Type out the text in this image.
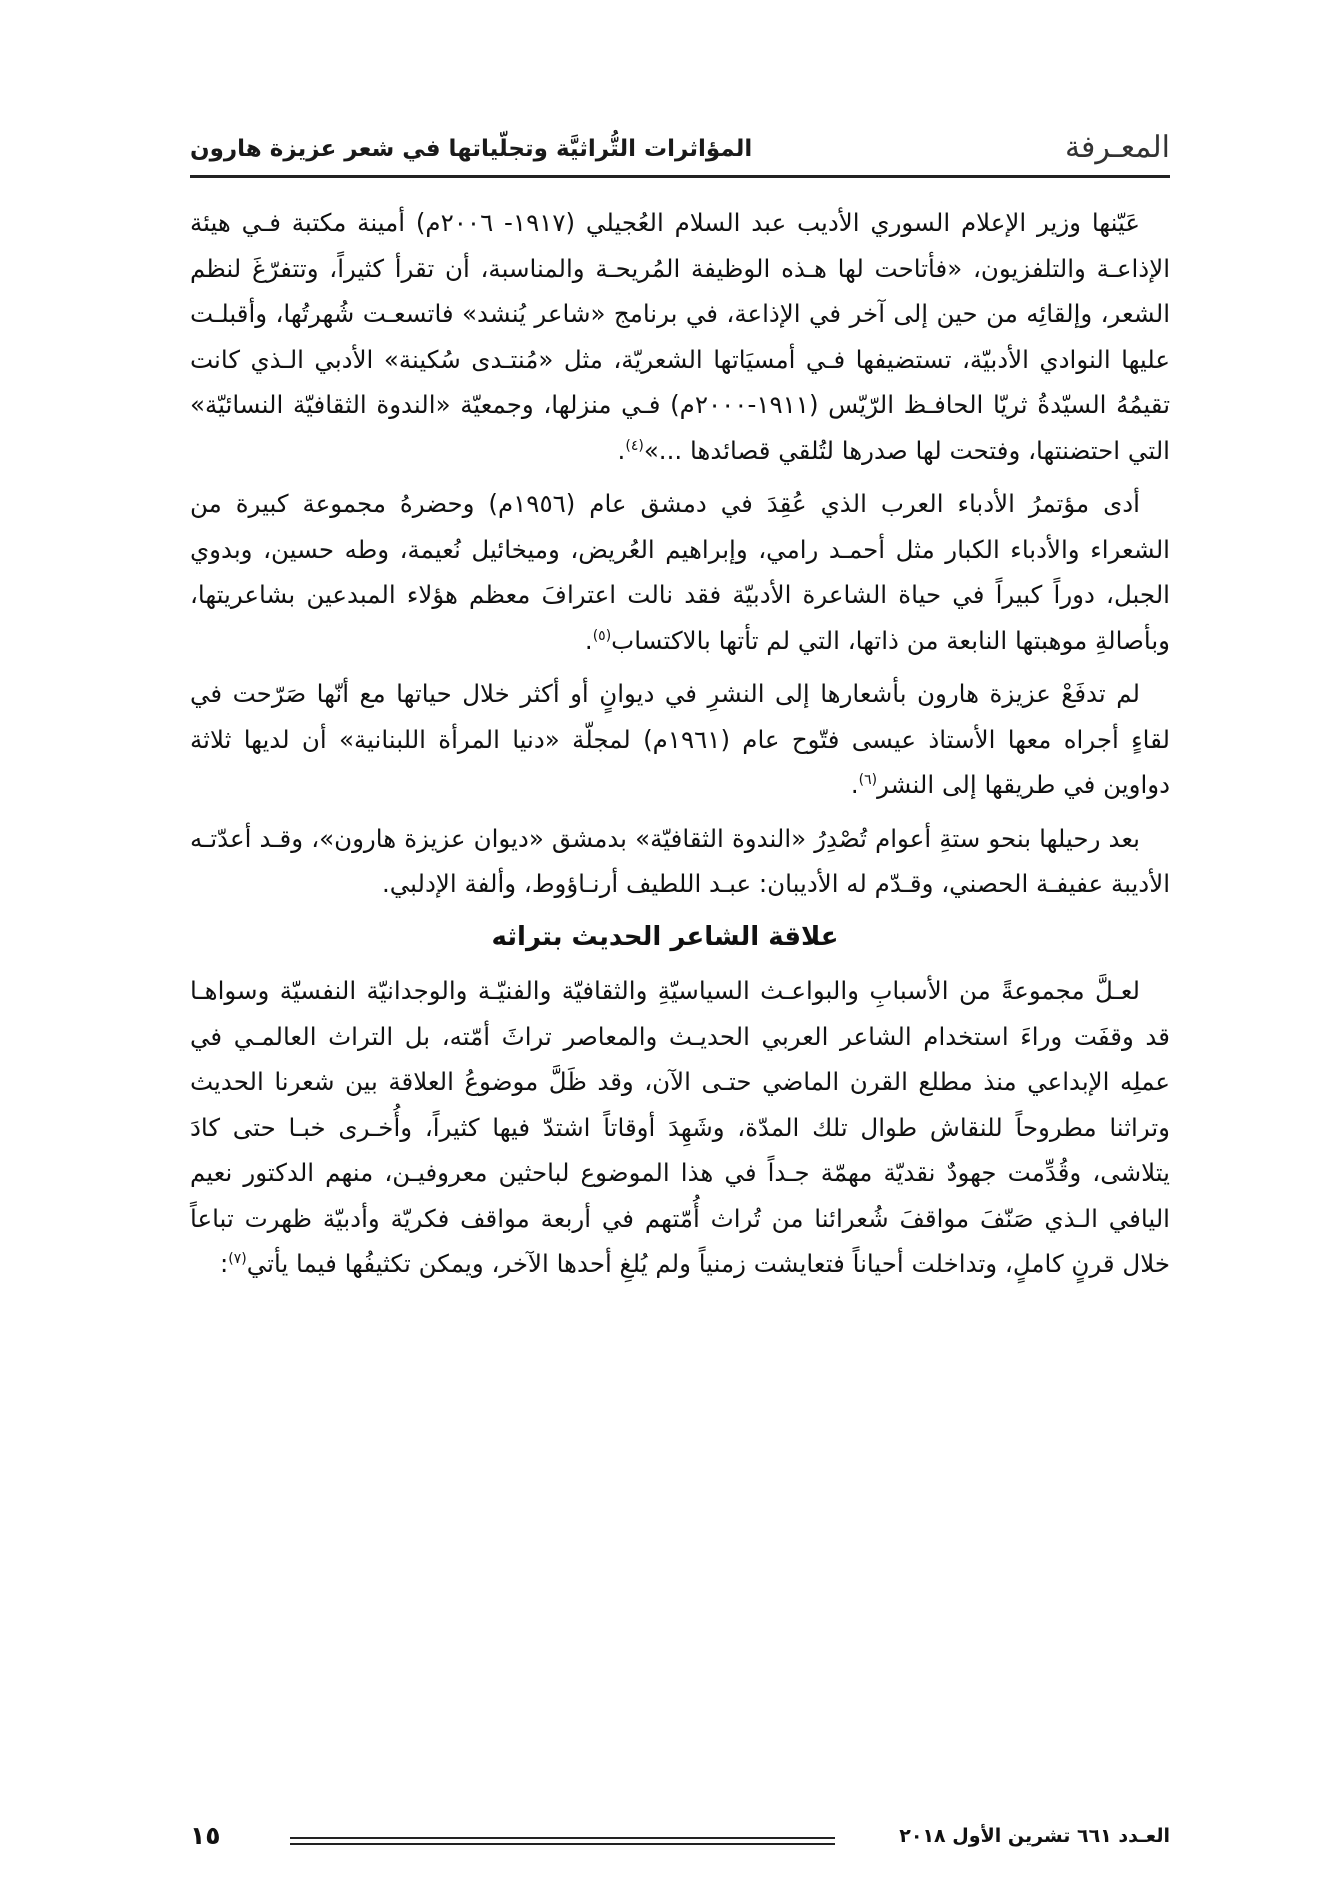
المعـرفة
المؤاثرات التُّراثيَّة وتجلّياتها في شعر عزيزة هارون

عَيّنها وزير الإعلام السوري الأديب عبد السلام العُجيلي (١٩١٧- ٢٠٠٦م) أمينة مكتبة فـي هيئة الإذاعـة والتلفزيون، «فأتاحت لها هـذه الوظيفة المُريحـة والمناسبة، أن تقرأ كثيراً، وتتفرّغَ لنظم الشعر، وإلقائِه من حين إلى آخر في الإذاعة، في برنامج «شاعر يُنشد» فاتسعـت شُهرتُها، وأقبلـت عليها النوادي الأدبيّة، تستضيفها فـي أمسيَاتها الشعريّة، مثل «مُنتـدى سُكينة» الأدبي الـذي كانت تقيمُهُ السيّدةُ ثريّا الحافـظ الرّيّس (١٩١١-٢٠٠٠م) فـي منزلها، وجمعيّة «الندوة الثقافيّة النسائيّة» التي احتضنتها، وفتحت لها صدرها لتُلقي قصائدها ...»$^{(٤)}$.

أدى مؤتمرُ الأدباء العرب الذي عُقِدَ في دمشق عام (١٩٥٦م) وحضرهُ مجموعة كبيرة من الشعراء والأدباء الكبار مثل أحمـد رامي، وإبراهيم العُريض، وميخائيل نُعيمة، وطه حسين، وبدوي الجبل، دوراً كبيراً في حياة الشاعرة الأدبيّة فقد نالت اعترافَ معظم هؤلاء المبدعين بشاعريتها، وبأصالةِ موهبتها النابعة من ذاتها، التي لم تأتها بالاكتساب$^{(٥)}$.

لم تدفَعْ عزيزة هارون بأشعارها إلى النشرِ في ديوانٍ أو أكثر خلال حياتها مع أنّها صَرّحت في لقاءٍ أجراه معها الأستاذ عيسى فتّوح عام (١٩٦١م) لمجلّة «دنيا المرأة اللبنانية» أن لديها ثلاثة دواوين في طريقها إلى النشر$^{(٦)}$.

بعد رحيلها بنحو ستةِ أعوام تُصْدِرُ «الندوة الثقافيّة» بدمشق «ديوان عزيزة هارون»، وقـد أعدّتـه الأديبة عفيفـة الحصني، وقـدّم له الأديبان: عبـد اللطيف أرنـاؤوط، وألفة الإدلبي.

علاقة الشاعر الحديث بتراثه

لعـلَّ مجموعةً من الأسبابِ والبواعـث السياسيّةِ والثقافيّة والفنيّـة والوجدانيّة النفسيّة وسواهـا قد وقفَت وراءَ استخدام الشاعر العربي الحديـث والمعاصر تراثَ أمّته، بل التراث العالمـي في عملِه الإبداعي منذ مطلع القرن الماضي حتـى الآن، وقد ظَلَّ موضوعُ العلاقة بين شعرنا الحديث وتراثنا مطروحاً للنقاش طوال تلك المدّة، وشَهِدَ أوقاتاً اشتدّ فيها كثيراً، وأُخـرى خبـا حتى كادَ يتلاشى، وقُدِّمت جهودٌ نقديّة مهمّة جـداً في هذا الموضوع لباحثين معروفيـن، منهم الدكتور نعيم اليافي الـذي صَنّفَ مواقفَ شُعرائنا من تُراث أُمّتهم في أربعة مواقف فكريّة وأدبيّة ظهرت تباعاً خلال قرنٍ كاملٍ، وتداخلت أحياناً فتعايشت زمنياً ولم يُلغِ أحدها الآخر، ويمكن تكثيفُها فيما يأتي$^{(٧)}$:

العـدد ٦٦١ تشرين الأول ٢٠١٨
١٥
